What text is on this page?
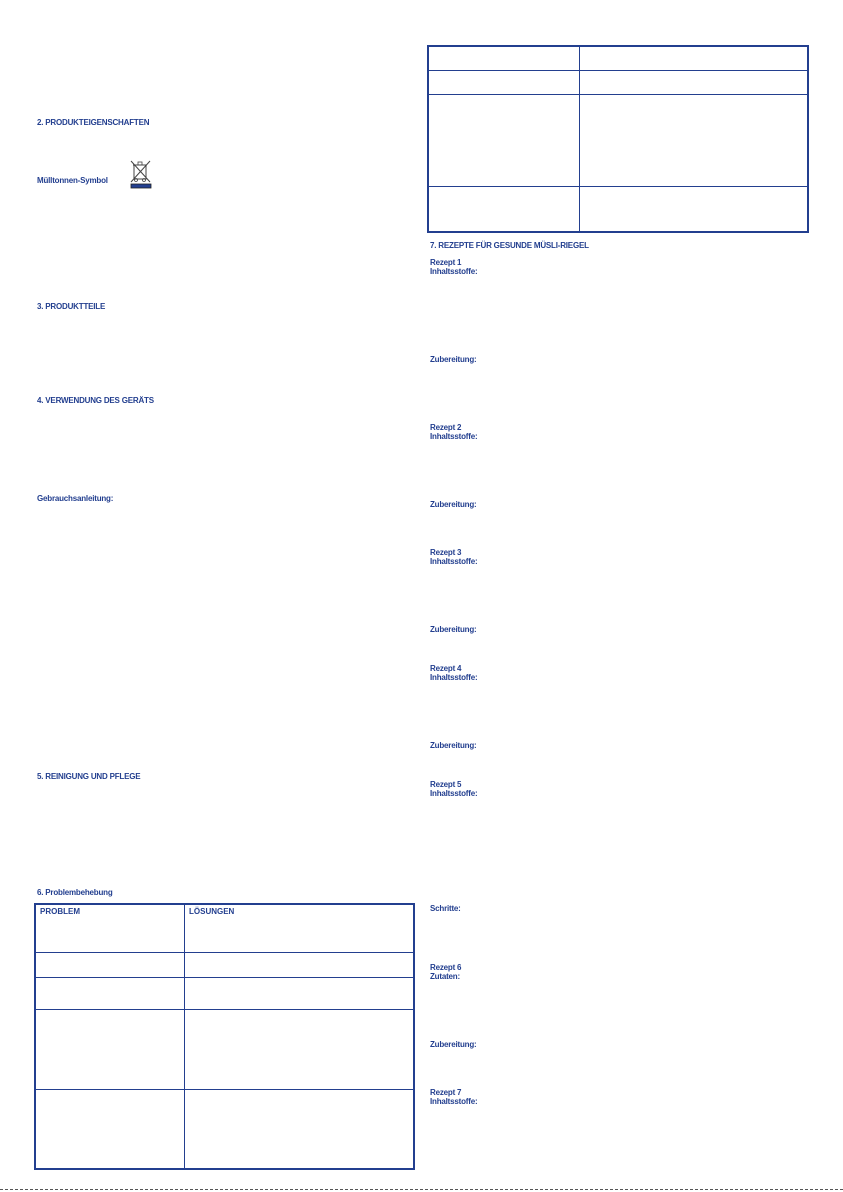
2. PRODUKTEIGENSCHAFTEN
Mülltonnen-Symbol
3. PRODUKTTEILE
4. VERWENDUNG DES GERÄTS
Gebrauchsanleitung:
5. REINIGUNG UND PFLEGE
6. Problembehebung
PROBLEM	LÖSUNGEN

7. REZEPTE FÜR GESUNDE MÜSLI-RIEGEL
Rezept 1
Inhaltsstoffe:
Zubereitung:
Rezept 2
Inhaltsstoffe:
Zubereitung:
Rezept 3
Inhaltsstoffe:
Zubereitung:
Rezept 4
Inhaltsstoffe:
Zubereitung:
Rezept 5
Inhaltsstoffe:
Schritte:
Rezept 6
Zutaten:
Zubereitung:
Rezept 7
Inhaltsstoffe:
